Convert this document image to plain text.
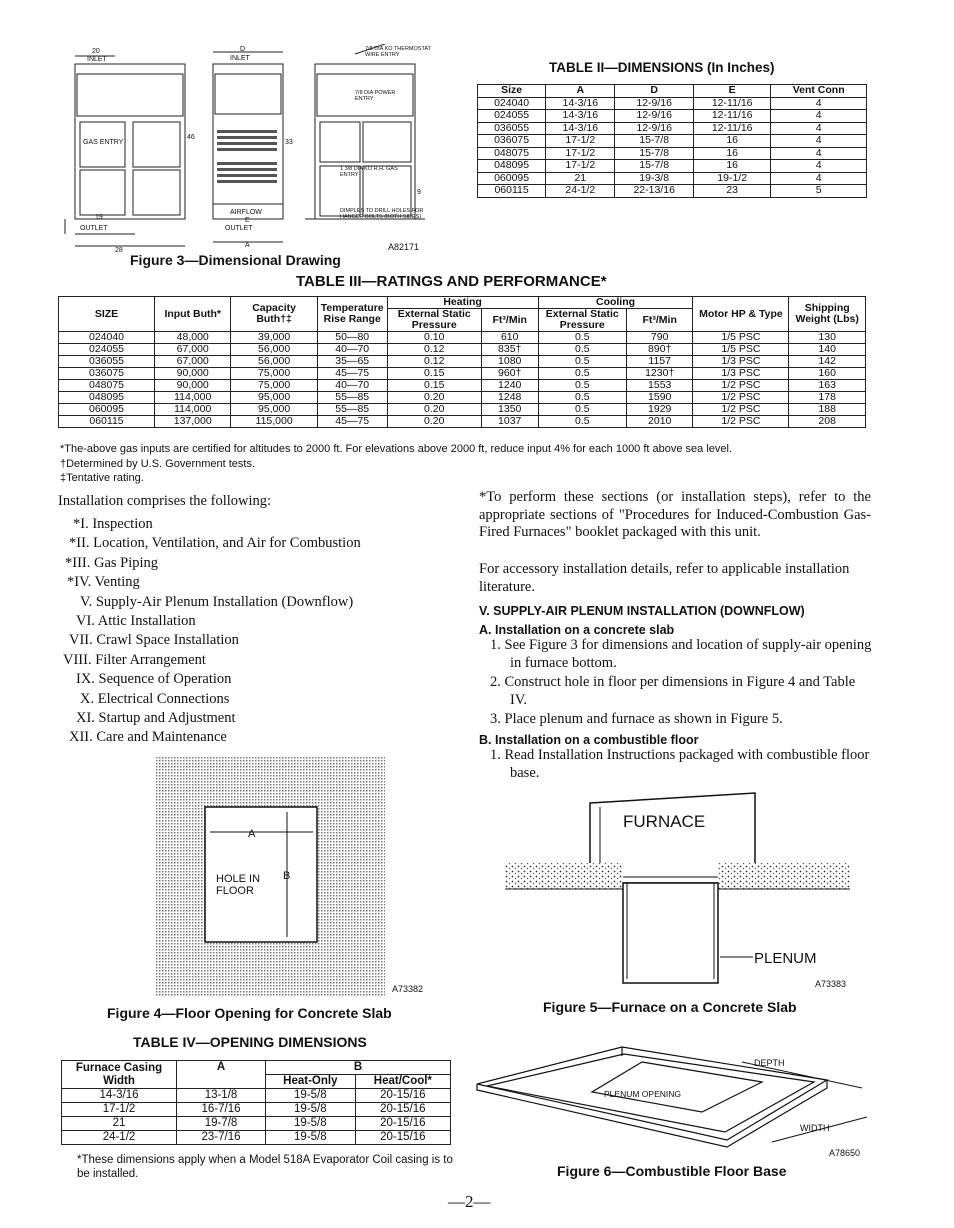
INLET
20
INLET
D
GAS ENTRY
AIRFLOW
OUTLET
19
28
46
33
9
OUTLET
E
A
7/8 DIA KO THERMOSTAT WIRE ENTRY
7/8 DIA POWER ENTRY
1 3/8 DIA KO R.H. GAS ENTRY
DIMPLES TO DRILL HOLES FOR HANGER BOLTS (BOTH SIDES)
A82171
Figure 3—Dimensional Drawing
TABLE II—DIMENSIONS (In Inches)
Size	A	D	E	Vent Conn
024040	14-3/16	12-9/16	12-11/16	4
024055	14-3/16	12-9/16	12-11/16	4
036055	14-3/16	12-9/16	12-11/16	4
036075	17-1/2	15-7/8	16	4
048075	17-1/2	15-7/8	16	4
048095	17-1/2	15-7/8	16	4
060095	21	19-3/8	19-1/2	4
060115	24-1/2	22-13/16	23	5
TABLE III—RATINGS AND PERFORMANCE*
SIZE	Input Buth*	Capacity Buth†‡	Temperature Rise Range	Heating		Cooling		Motor HP & Type	Shipping Weight (Lbs)
				External Static Pressure	Ft³/Min	External Static Pressure	Ft³/Min		
024040	48,000	39,000	50—80	0.10	610	0.5	790	1/5 PSC	130
024055	67,000	56,000	40—70	0.12	835†	0.5	890†	1/5 PSC	140
036055	67,000	56,000	35—65	0.12	1080	0.5	1157	1/3 PSC	142
036075	90,000	75,000	45—75	0.15	960†	0.5	1230†	1/3 PSC	160
048075	90,000	75,000	40—70	0.15	1240	0.5	1553	1/2 PSC	163
048095	114,000	95,000	55—85	0.20	1248	0.5	1590	1/2 PSC	178
060095	114,000	95,000	55—85	0.20	1350	0.5	1929	1/2 PSC	188
060115	137,000	115,000	45—75	0.20	1037	0.5	2010	1/2 PSC	208
*The-above gas inputs are certified for altitudes to 2000 ft. For elevations above 2000 ft, reduce input 4% for each 1000 ft above sea level.
†Determined by U.S. Government tests.
‡Tentative rating.
Installation comprises the following:
*I. Inspection
*II. Location, Ventilation, and Air for Combustion
*III. Gas Piping
*IV. Venting
V. Supply-Air Plenum Installation (Downflow)
VI. Attic Installation
VII. Crawl Space Installation
VIII. Filter Arrangement
IX. Sequence of Operation
X. Electrical Connections
XI. Startup and Adjustment
XII. Care and Maintenance
*To perform these sections (or installation steps), refer to the appropriate sections of "Procedures for Induced-Combustion Gas-Fired Furnaces" booklet packaged with this unit.
For accessory installation details, refer to applicable installation literature.
V. SUPPLY-AIR PLENUM INSTALLATION (DOWNFLOW)
A. Installation on a concrete slab
1. See Figure 3 for dimensions and location of supply-air opening in furnace bottom.
2. Construct hole in floor per dimensions in Figure 4 and Table IV.
3. Place plenum and furnace as shown in Figure 5.
B. Installation on a combustible floor
1. Read Installation Instructions packaged with combustible floor base.
A
B
HOLE IN FLOOR
A73382
Figure 4—Floor Opening for Concrete Slab
FURNACE
PLENUM
A73383
Figure 5—Furnace on a Concrete Slab
DEPTH
PLENUM OPENING
WIDTH
A78650
Figure 6—Combustible Floor Base
TABLE IV—OPENING DIMENSIONS
Furnace Casing Width	A	B	
		Heat-Only	Heat/Cool*
14-3/16	13-1/8	19-5/8	20-15/16
17-1/2	16-7/16	19-5/8	20-15/16
21	19-7/8	19-5/8	20-15/16
24-1/2	23-7/16	19-5/8	20-15/16
*These dimensions apply when a Model 518A Evaporator Coil casing is to be installed.
—2—
